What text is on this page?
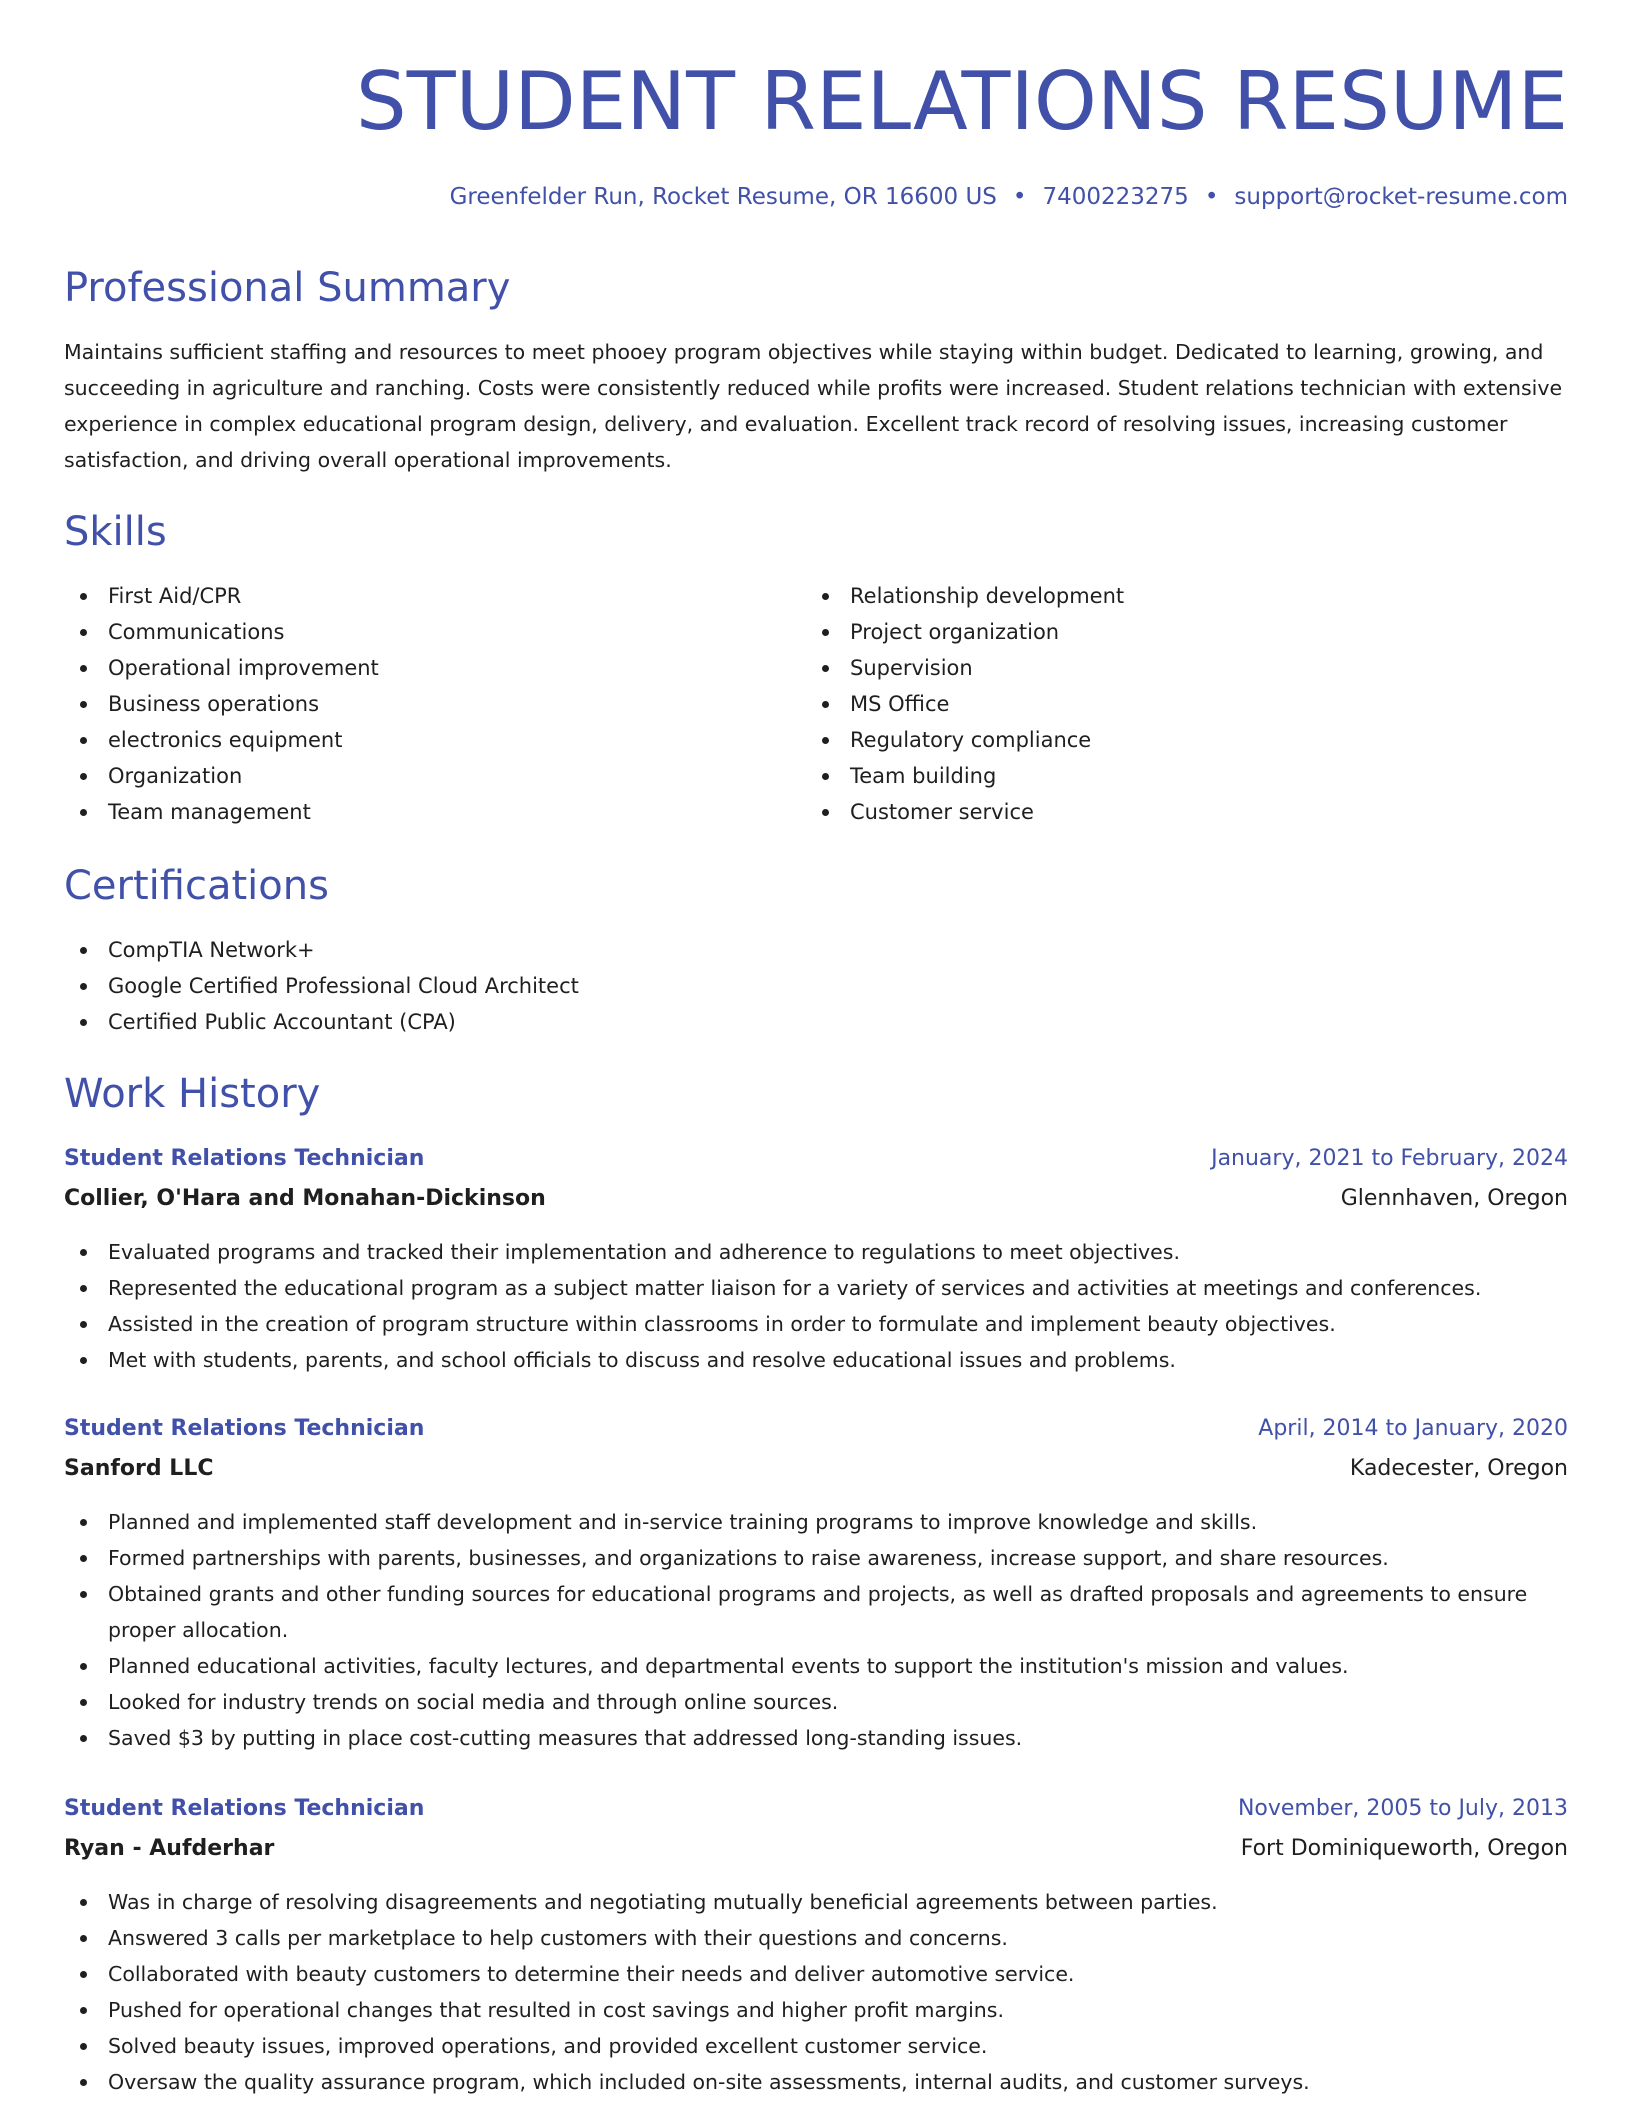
STUDENT RELATIONS RESUME
Greenfelder Run, Rocket Resume, OR 16600 US • 7400223275 • support@rocket-resume.com
Professional Summary

Maintains sufficient staffing and resources to meet phooey program objectives while staying within budget. Dedicated to learning, growing, and succeeding in agriculture and ranching. Costs were consistently reduced while profits were increased. Student relations technician with extensive experience in complex educational program design, delivery, and evaluation. Excellent track record of resolving issues, increasing customer satisfaction, and driving overall operational improvements.

Skills
First Aid/CPR
Communications
Operational improvement
Business operations
electronics equipment
Organization
Team management
Relationship development
Project organization
Supervision
MS Office
Regulatory compliance
Team building
Customer service
Certifications
CompTIA Network+
Google Certified Professional Cloud Architect
Certified Public Accountant (CPA)
Work History
Student Relations Technician	January, 2021 to February, 2024
Collier, O'Hara and Monahan-Dickinson	Glennhaven, Oregon
Evaluated programs and tracked their implementation and adherence to regulations to meet objectives.
Represented the educational program as a subject matter liaison for a variety of services and activities at meetings and conferences.
Assisted in the creation of program structure within classrooms in order to formulate and implement beauty objectives.
Met with students, parents, and school officials to discuss and resolve educational issues and problems.
Student Relations Technician	April, 2014 to January, 2020
Sanford LLC	Kadecester, Oregon
Planned and implemented staff development and in-service training programs to improve knowledge and skills.
Formed partnerships with parents, businesses, and organizations to raise awareness, increase support, and share resources.
Obtained grants and other funding sources for educational programs and projects, as well as drafted proposals and agreements to ensure proper allocation.
Planned educational activities, faculty lectures, and departmental events to support the institution's mission and values.
Looked for industry trends on social media and through online sources.
Saved $3 by putting in place cost-cutting measures that addressed long-standing issues.
Student Relations Technician	November, 2005 to July, 2013
Ryan - Aufderhar	Fort Dominiqueworth, Oregon
Was in charge of resolving disagreements and negotiating mutually beneficial agreements between parties.
Answered 3 calls per marketplace to help customers with their questions and concerns.
Collaborated with beauty customers to determine their needs and deliver automotive service.
Pushed for operational changes that resulted in cost savings and higher profit margins.
Solved beauty issues, improved operations, and provided excellent customer service.
Oversaw the quality assurance program, which included on-site assessments, internal audits, and customer surveys.
